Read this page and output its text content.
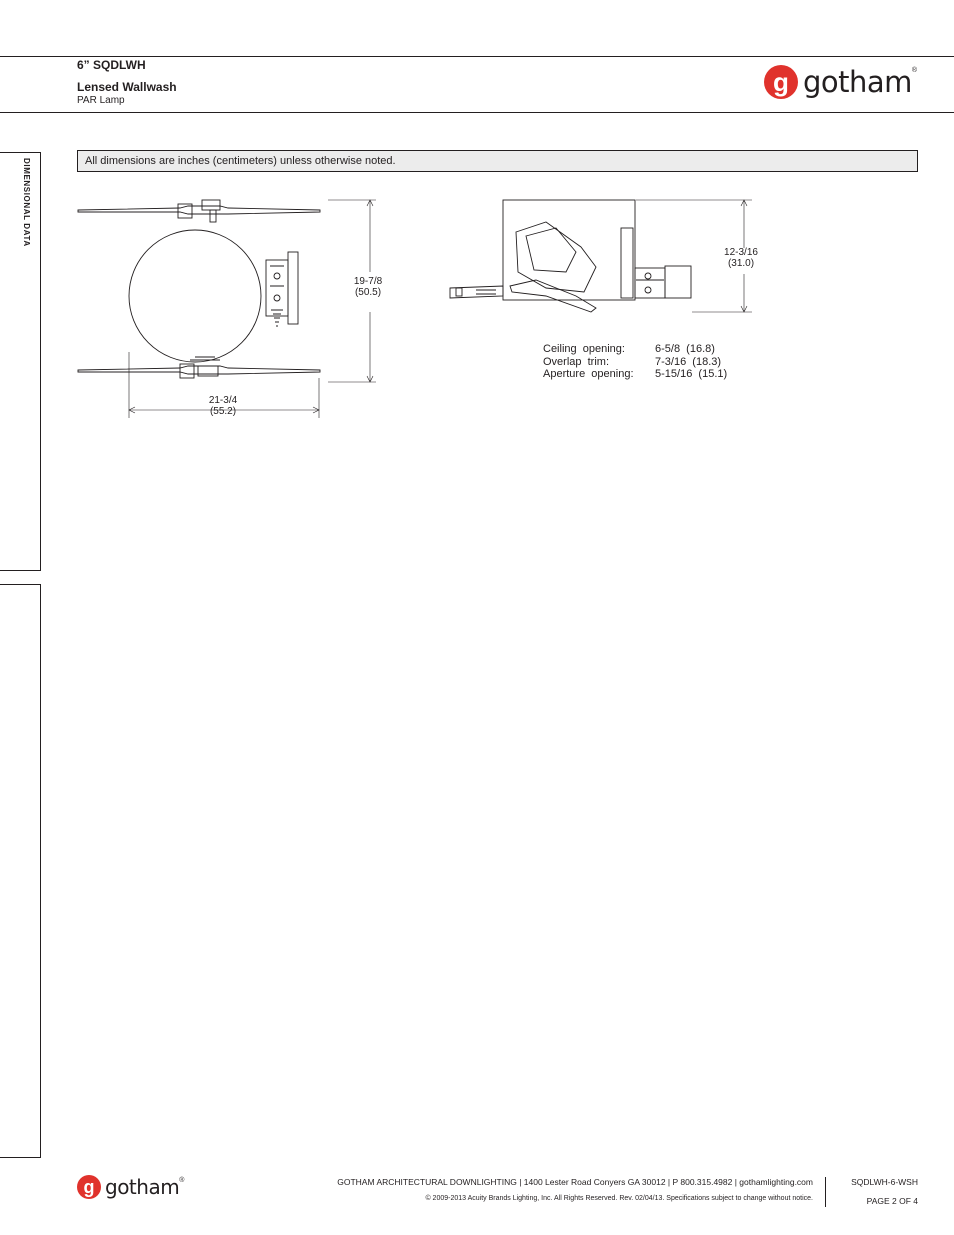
6” SQDLWH
Lensed Wallwash
PAR Lamp
g gotham ®
DIMENSIONAL DATA	All dimensions are inches (centimeters) unless otherwise noted.
19-7/8
(50.5)
21-3/4
(55.2)
12-3/16
(31.0)
Ceiling  opening:	6-5/8  (16.8)
Overlap  trim:	7-3/16  (18.3)
Aperture  opening:	5-15/16  (15.1)
g gotham ®	GOTHAM ARCHITECTURAL DOWNLIGHTING | 1400 Lester Road Conyers GA 30012 | P 800.315.4982 | gothamlighting.com
© 2009-2013 Acuity Brands Lighting, Inc. All Rights Reserved. Rev. 02/04/13. Specifications subject to change without notice.
SQDLWH-6-WSH
PAGE 2 OF 4
